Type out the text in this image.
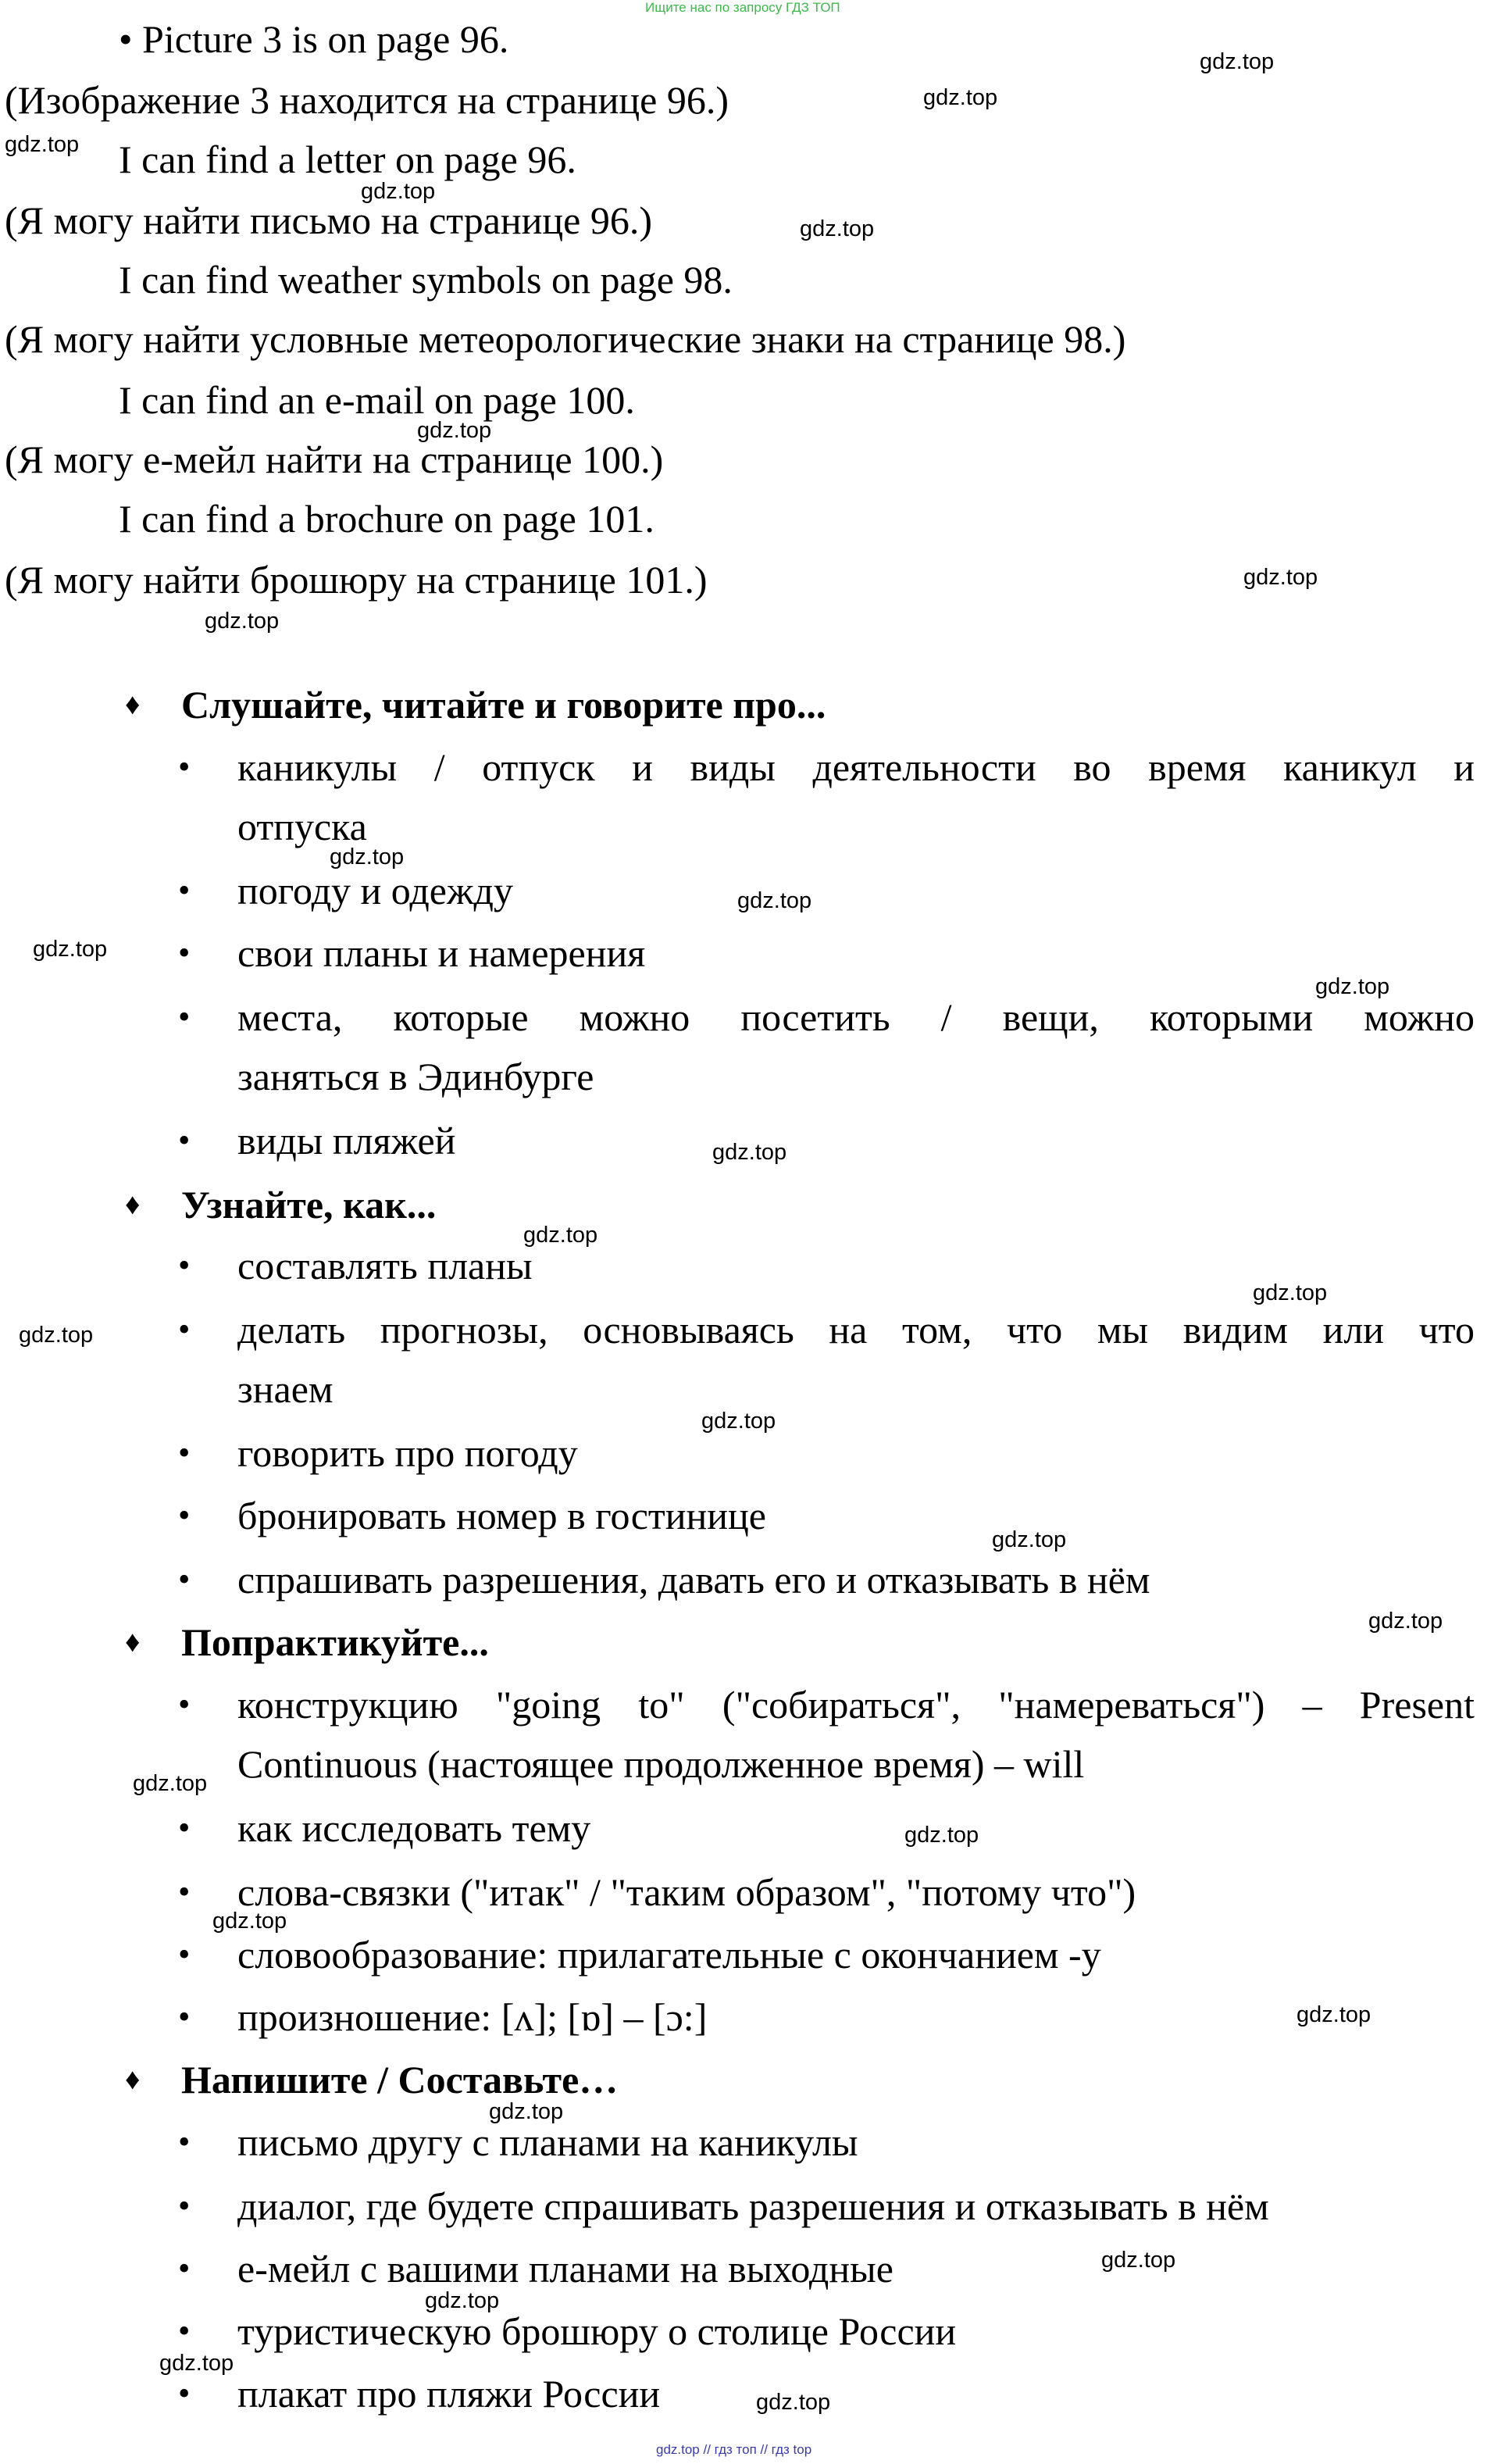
Ищите нас по запросу ГДЗ ТОП
• Picture 3 is on page 96.
(Изображение 3 находится на странице 96.)
I can find a letter on page 96.
(Я могу найти письмо на странице 96.)
I can find weather symbols on page 98.
(Я могу найти условные метеорологические знаки на странице 98.)
I can find an e-mail on page 100.
(Я могу е-мейл найти на странице 100.)
I can find a brochure on page 101.
(Я могу найти брошюру на странице 101.)
♦ Слушайте, читайте и говорите про...
• каникулы / отпуск и виды деятельности во время каникул и
отпуска
• погоду и одежду
• свои планы и намерения
• места, которые можно посетить / вещи, которыми можно
заняться в Эдинбурге
• виды пляжей
♦ Узнайте, как...
• составлять планы
• делать прогнозы, основываясь на том, что мы видим или что
знаем
• говорить про погоду
• бронировать номер в гостинице
• спрашивать разрешения, давать его и отказывать в нём
♦ Попрактикуйте...
• конструкцию "going to" ("собираться", "намереваться") – Present
Continuous (настоящее продолженное время) – will
• как исследовать тему
• слова-связки ("итак" / "таким образом", "потому что")
• словообразование: прилагательные с окончанием -y
• произношение: [ʌ]; [ɒ] – [ɔ:]
♦ Напишите / Составьте…
• письмо другу с планами на каникулы
• диалог, где будете спрашивать разрешения и отказывать в нём
• е-мейл с вашими планами на выходные
• туристическую брошюру о столице России
• плакат про пляжи России
gdz.top
gdz.top
gdz.top
gdz.top
gdz.top
gdz.top
gdz.top
gdz.top
gdz.top
gdz.top
gdz.top
gdz.top
gdz.top
gdz.top
gdz.top
gdz.top
gdz.top
gdz.top
gdz.top
gdz.top
gdz.top
gdz.top
gdz.top
gdz.top
gdz.top
gdz.top
gdz.top
gdz.top
gdz.top // гдз топ // гдз top
